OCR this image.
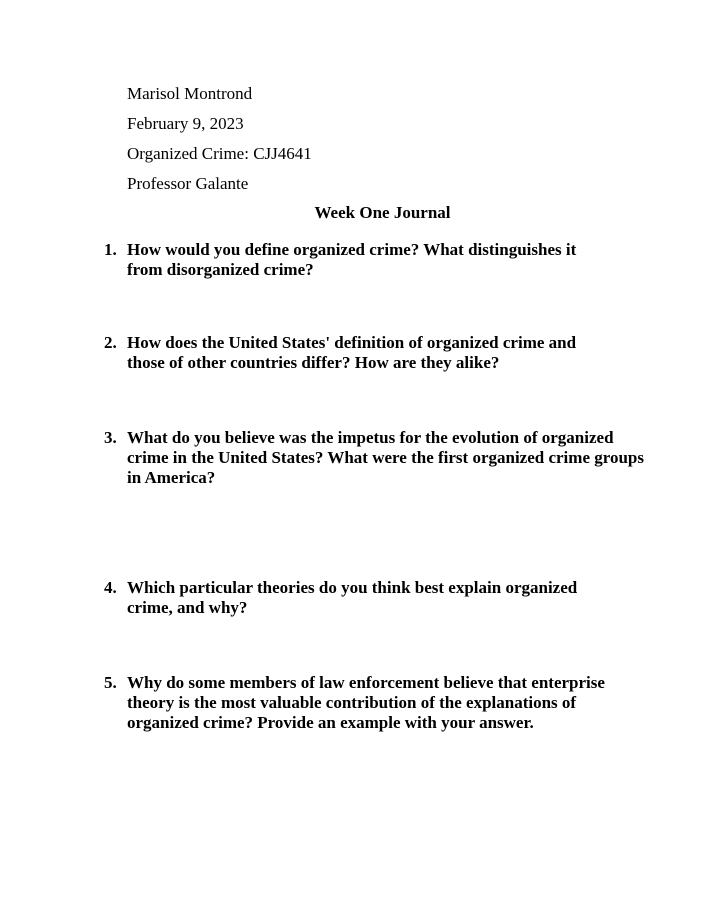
Marisol Montrond

February 9, 2023

Organized Crime: CJJ4641

Professor Galante

Week One Journal

1. How would you define organized crime? What distinguishes it from disorganized crime?
2. How does the United States' definition of organized crime and those of other countries differ? How are they alike?
3. What do you believe was the impetus for the evolution of organized crime in the United States? What were the first organized crime groups in America?
4. Which particular theories do you think best explain organized crime, and why?
5. Why do some members of law enforcement believe that enterprise theory is the most valuable contribution of the explanations of organized crime? Provide an example with your answer.
